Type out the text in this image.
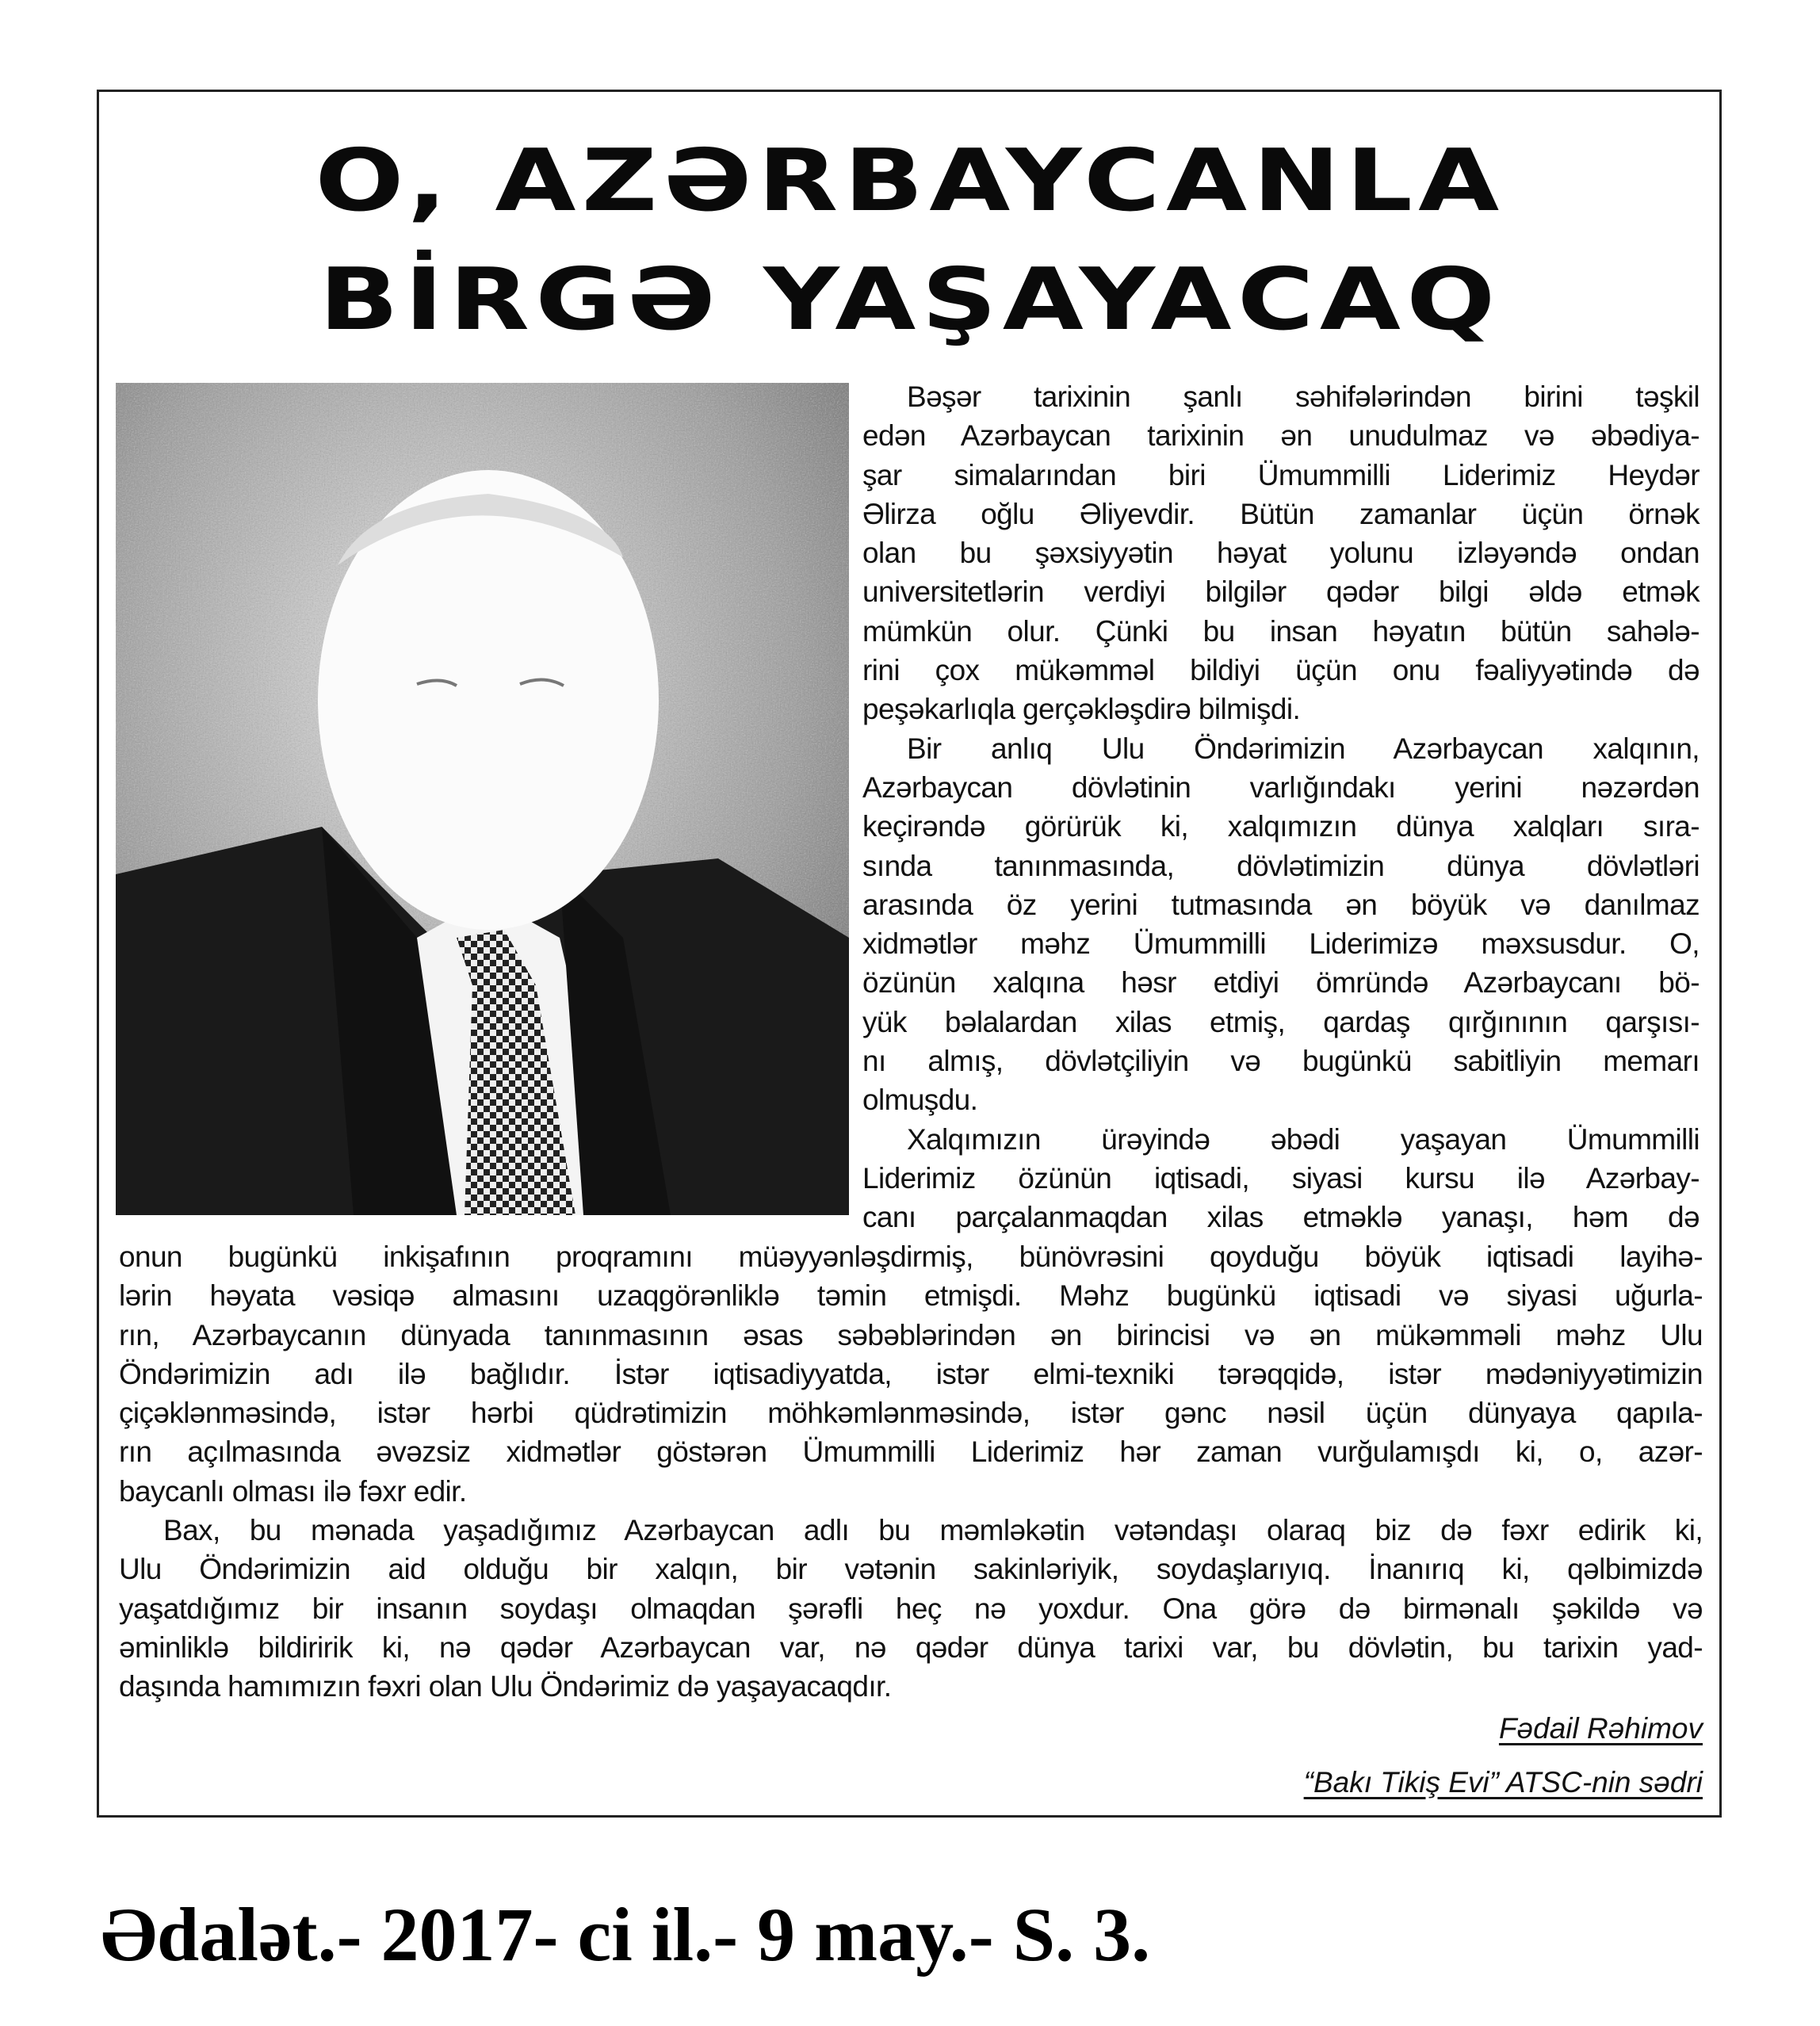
O, AZƏRBAYCANLA
BİRGƏ YAŞAYACAQ
Bəşər tarixinin şanlı səhifələrindən birini təşkil
edən Azərbaycan tarixinin ən unudulmaz və əbədiya-
şar simalarından biri Ümummilli Liderimiz Heydər
Əlirza oğlu Əliyevdir. Bütün zamanlar üçün örnək
olan bu şəxsiyyətin həyat yolunu izləyəndə ondan
universitetlərin verdiyi bilgilər qədər bilgi əldə etmək
mümkün olur. Çünki bu insan həyatın bütün sahələ-
rini çox mükəmməl bildiyi üçün onu fəaliyyətində də
peşəkarlıqla gerçəkləşdirə bilmişdi.
Bir anlıq Ulu Öndərimizin Azərbaycan xalqının,
Azərbaycan dövlətinin varlığındakı yerini nəzərdən
keçirəndə görürük ki, xalqımızın dünya xalqları sıra-
sında tanınmasında, dövlətimizin dünya dövlətləri
arasında öz yerini tutmasında ən böyük və danılmaz
xidmətlər məhz Ümummilli Liderimizə məxsusdur. O,
özünün xalqına həsr etdiyi ömründə Azərbaycanı bö-
yük bəlalardan xilas etmiş, qardaş qırğınının qarşısı-
nı almış, dövlətçiliyin və bugünkü sabitliyin memarı
olmuşdu.
Xalqımızın ürəyində əbədi yaşayan Ümummilli
Liderimiz özünün iqtisadi, siyasi kursu ilə Azərbay-
canı parçalanmaqdan xilas etməklə yanaşı, həm də
onun bugünkü inkişafının proqramını müəyyənləşdirmiş, bünövrəsini qoyduğu böyük iqtisadi layihə-
lərin həyata vəsiqə almasını uzaqgörənliklə təmin etmişdi. Məhz bugünkü iqtisadi və siyasi uğurla-
rın, Azərbaycanın dünyada tanınmasının əsas səbəblərindən ən birincisi və ən mükəmməli məhz Ulu
Öndərimizin adı ilə bağlıdır. İstər iqtisadiyyatda, istər elmi-texniki tərəqqidə, istər mədəniyyətimizin
çiçəklənməsində, istər hərbi qüdrətimizin möhkəmlənməsində, istər gənc nəsil üçün dünyaya qapıla-
rın açılmasında əvəzsiz xidmətlər göstərən Ümummilli Liderimiz hər zaman vurğulamışdı ki, o, azər-
baycanlı olması ilə fəxr edir.
Bax, bu mənada yaşadığımız Azərbaycan adlı bu məmləkətin vətəndaşı olaraq biz də fəxr edirik ki,
Ulu Öndərimizin aid olduğu bir xalqın, bir vətənin sakinləriyik, soydaşlarıyıq. İnanırıq ki, qəlbimizdə
yaşatdığımız bir insanın soydaşı olmaqdan şərəfli heç nə yoxdur. Ona görə də birmənalı şəkildə və
əminliklə bildiririk ki, nə qədər Azərbaycan var, nə qədər dünya tarixi var, bu dövlətin, bu tarixin yad-
daşında hamımızın fəxri olan Ulu Öndərimiz də yaşayacaqdır.
Fədail Rəhimov
“Bakı Tikiş Evi” ATSC-nin sədri
Ədalət.- 2017- ci il.- 9 may.- S. 3.
